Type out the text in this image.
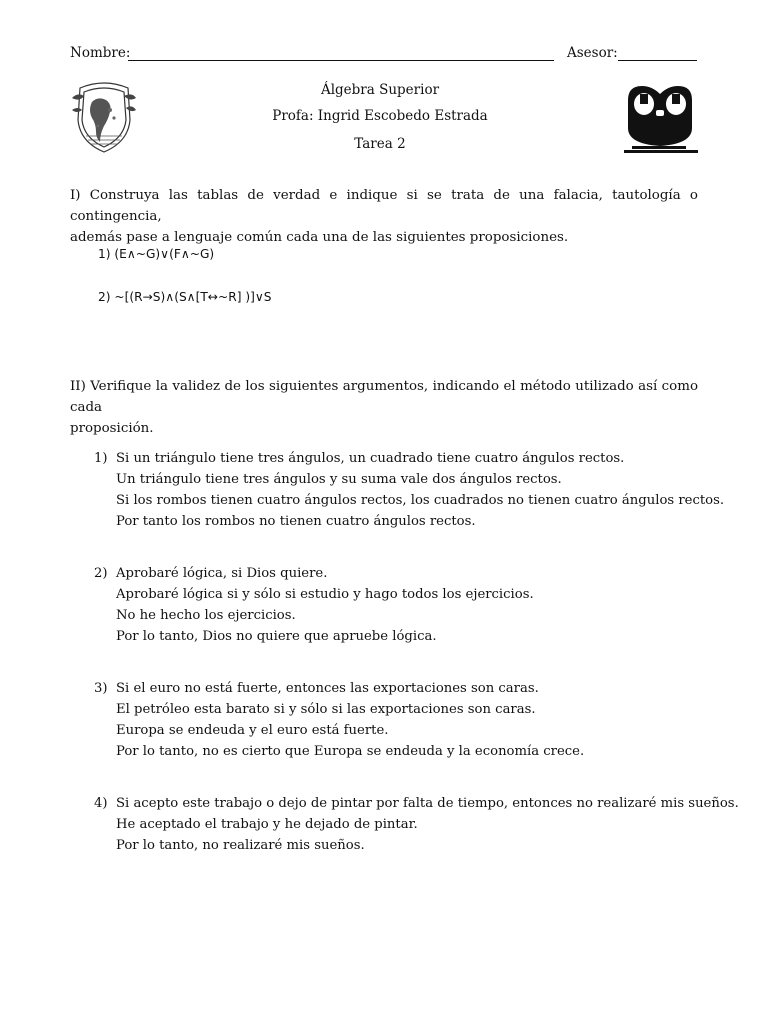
Nombre:	Asesor:
Álgebra Superior
Profa: Ingrid Escobedo Estrada
Tarea 2
I) Construya las tablas de verdad e indique si se trata de una falacia, tautología o contingencia,
además pase a lenguaje común cada una de las siguientes proposiciones.
1) (E∧~G)∨(F∧~G)
2) ~[(R→S)∧(S∧[T↔~R] )]∨S
II) Verifique la validez de los siguientes argumentos, indicando el método utilizado así como cada
proposición.
1) Si un triángulo tiene tres ángulos, un cuadrado tiene cuatro ángulos rectos.
Un triángulo tiene tres ángulos y su suma vale dos ángulos rectos.
Si los rombos tienen cuatro ángulos rectos, los cuadrados no tienen cuatro ángulos rectos.
Por tanto los rombos no tienen cuatro ángulos rectos.
2) Aprobaré lógica, si Dios quiere.
Aprobaré lógica si y sólo si estudio y hago todos los ejercicios.
No he hecho los ejercicios.
Por lo tanto, Dios no quiere que apruebe lógica.
3) Si el euro no está fuerte, entonces las exportaciones son caras.
El petróleo esta barato si y sólo si las exportaciones son caras.
Europa se endeuda y el euro está fuerte.
Por lo tanto, no es cierto que Europa se endeuda y la economía crece.
4) Si acepto este trabajo o dejo de pintar por falta de tiempo, entonces no realizaré mis sueños.
He aceptado el trabajo y he dejado de pintar.
Por lo tanto, no realizaré mis sueños.
